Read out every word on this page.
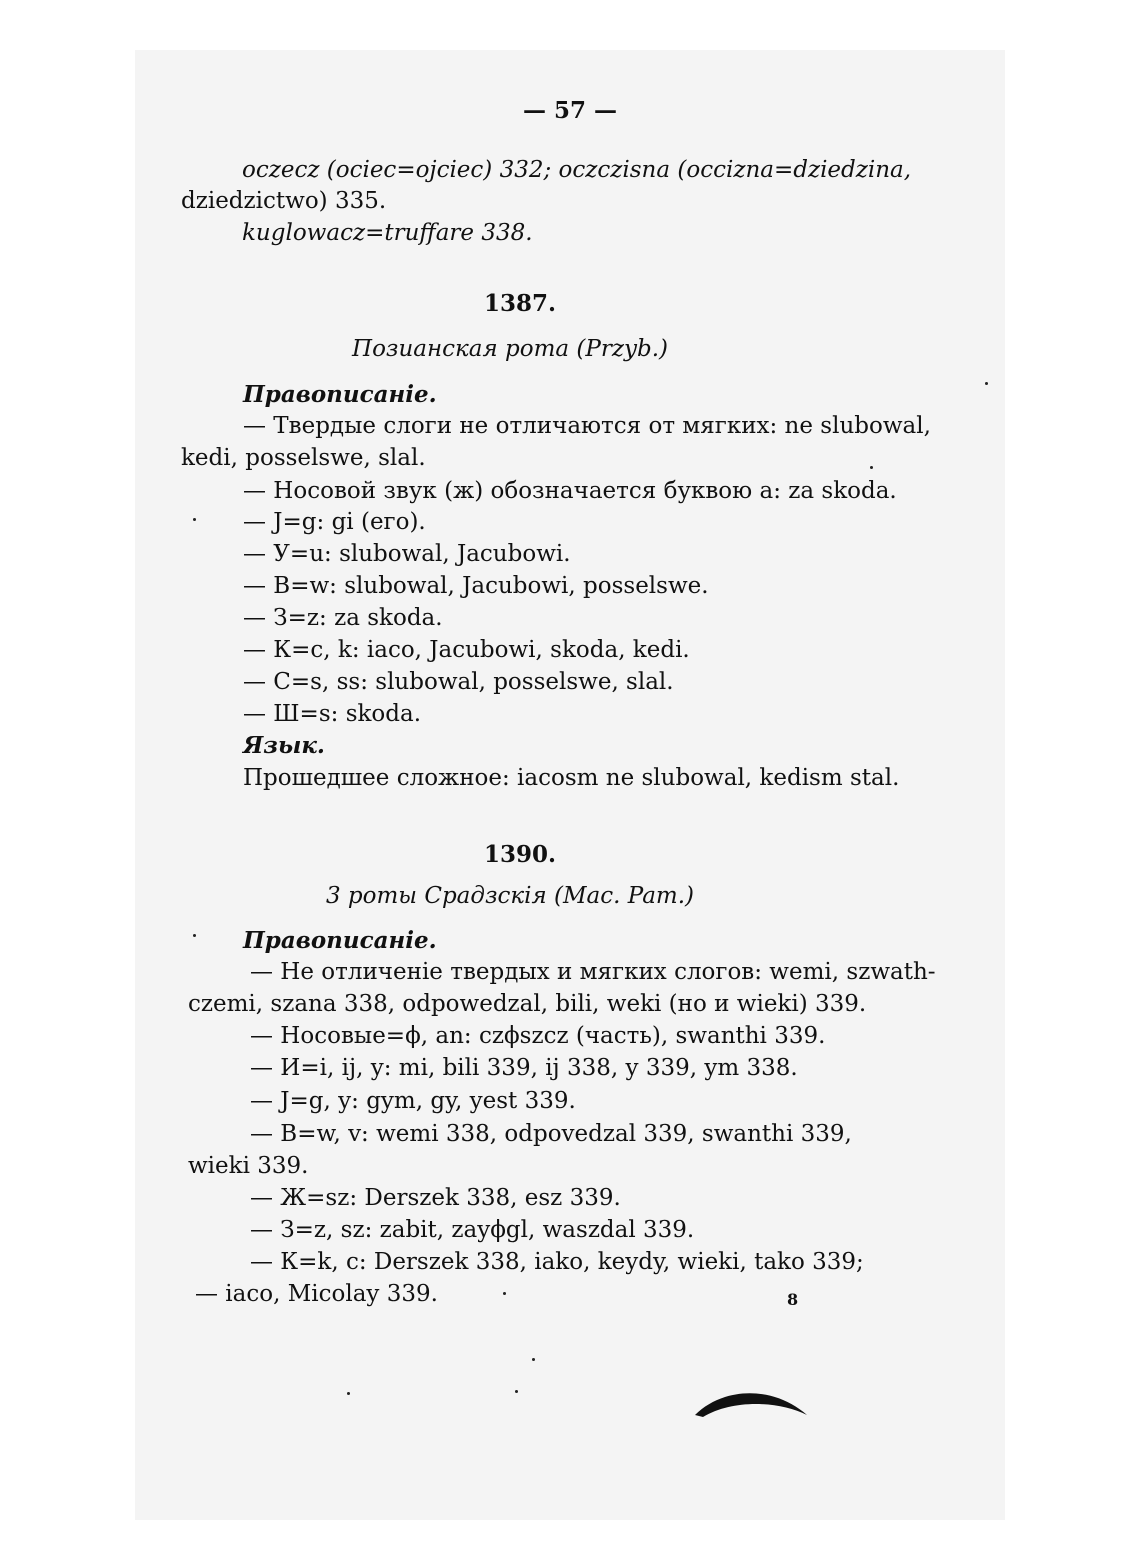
— 57 —
oczecz (ociec=ojciec) 332; oczczisna (occizna=dziedzina,
dziedzictwo) 335.
kuglowacz=truffare 338.
1387.
Позианская рота (Przyb.)
Правописаніе.
— Твердые слоги не отличаются от мягких: ne slubowal,
kedi, posselswe, slal.
— Носовой звук (ж) обозначается буквою a: za skoda.
— J=g: gi (его).
— У=u: slubowal, Jacubowi.
— В=w: slubowal, Jacubowi, posselswe.
— З=z: za skoda.
— К=c, k: iaco, Jacubowi, skoda, kedi.
— С=s, ss: slubowal, posselswe, slal.
— Ш=s: skoda.
Язык.
Прошедшее сложное: iacosm ne slubowal, kedism stal.
1390.
3 роты Срадзскія (Mac. Pam.)
Правописаніе.
— Не отличеніе твердых и мягких слогов: wemi, szwath-
czemi, szana 338, odpowedzal, bili, weki (но и wieki) 339.
— Носовые=ϕ, an: czϕszcz (часть), swanthi 339.
— И=i, ij, y: mi, bili 339, ij 338, y 339, ym 338.
— J=g, y: gym, gy, yest 339.
— В=w, v: wemi 338, odpovedzal 339, swanthi 339,
wieki 339.
— Ж=sz: Derszek 338, esz 339.
— З=z, sz: zabit, zayϕgl, waszdal 339.
— К=k, c: Derszek 338, iako, keydy, wieki, tako 339;
— iaco, Micolay 339.	8
